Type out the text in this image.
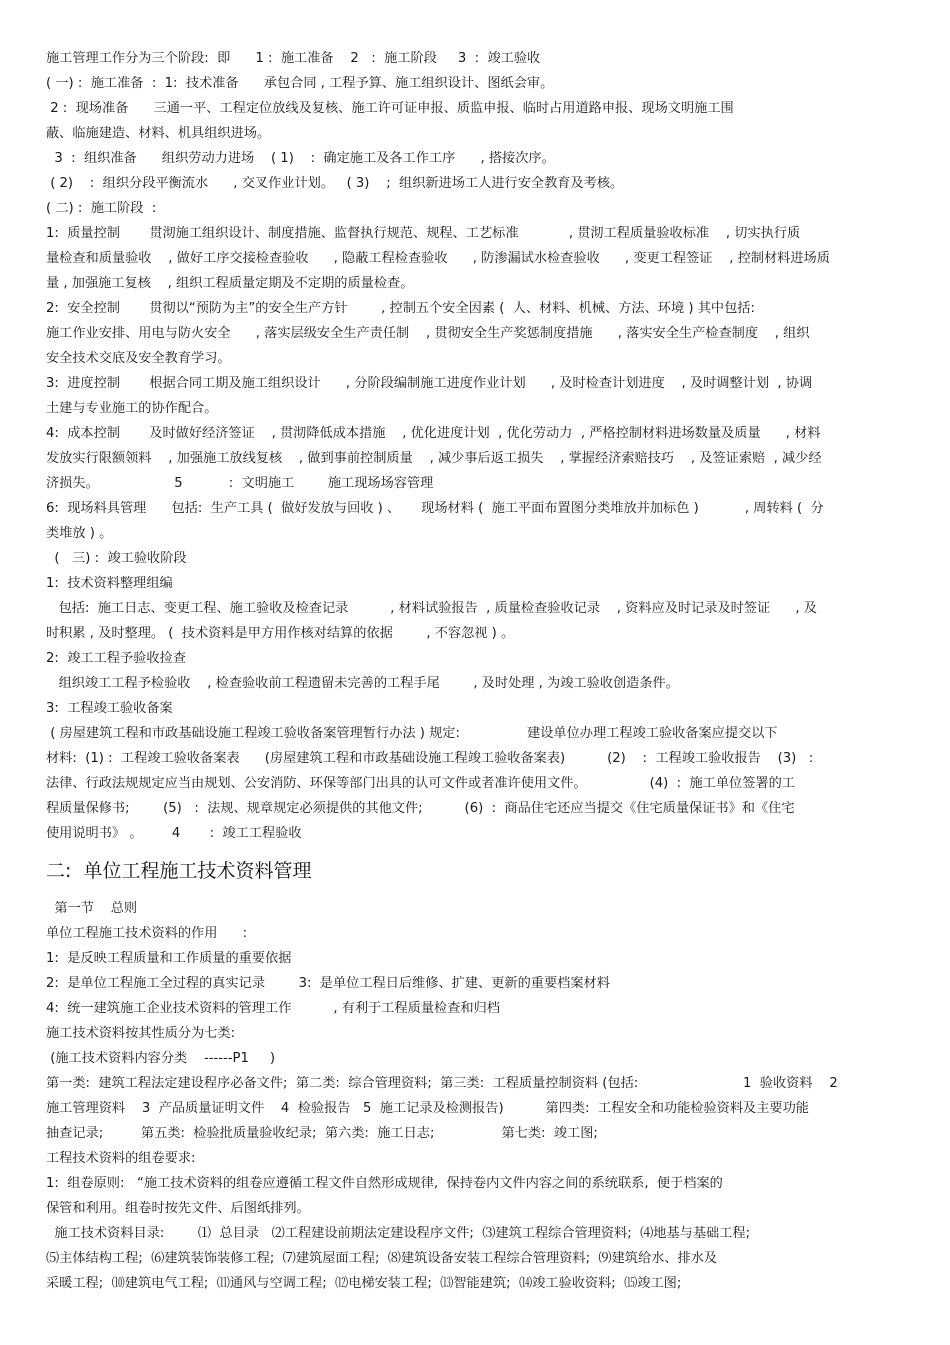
施工管理工作分为三个阶段:  即      1 :  施工准备    2   :  施工阶段     3  :  竣工验收
( 一) :  施工准备  :  1:  技术准备      承包合同 , 工程予算、施工组织设计、图纸会审。
2 :  现场准备      三通一平、工程定位放线及复核、施工许可证申报、质监申报、临时占用道路申报、现场文明施工围
蔽、临施建造、材料、机具组织进场。
3  :  组织准备      组织劳动力进场    ( 1)    :  确定施工及各工作工序      , 搭接次序。
( 2)    :  组织分段平衡流水      , 交叉作业计划。   ( 3)    ;  组织新进场工人进行安全教育及考核。
( 二) :  施工阶段  :
1:  质量控制       贯沏施工组织设计、制度措施、监督执行规范、规程、工艺标准            , 贯沏工程质量验收标准    , 切实执行质
量检查和质量验收    , 做好工序交接检查验收      , 隐蔽工程检查验收      , 防渗漏试水检查验收      , 变更工程签证    , 控制材料进场质
量 , 加强施工复核    , 组织工程质量定期及不定期的质量检查。
2:  安全控制       贯彻以“预防为主”的安全生产方针        , 控制五个安全因素 (  人、材料、机械、方法、环境 ) 其中包括:
施工作业安排、用电与防火安全      , 落实层级安全生产责任制    , 贯彻安全生产奖惩制度措施      , 落实安全生产检查制度    , 组织
安全技术交底及安全教育学习。
3:  进度控制       根据合同工期及施工组织设计      , 分阶段编制施工进度作业计划      , 及时检查计划进度    , 及时调整计划  , 协调
土建与专业施工的协作配合。
4:  成本控制       及时做好经济签证    , 贯沏降低成本措施    , 优化进度计划  , 优化劳动力  , 严格控制材料进场数量及质量      , 材料
发放实行限额领料    , 加强施工放线复核    , 做到事前控制质量    , 减少事后返工损失    , 掌握经济索赔技巧    , 及签证索赔  , 减少经
济损失。                  5           :  文明施工        施工现场场容管理
6:  现场料具管理      包括:  生产工具 (  做好发放与回收 ) 、     现场材料 (  施工平面布置图分类堆放并加标色 )           , 周转料 (  分
类堆放 ) 。
(   三) :  竣工验收阶段
1:  技术资料整理组编
包括:  施工日志、变更工程、施工验收及检查记录          , 材料试验报告  , 质量检查验收记录    , 资料应及时记录及时签证      , 及
时积累 , 及时整理。 (  技术资料是甲方用作核对结算的依据        , 不容忽视 ) 。
2:  竣工工程予验收捡查
组织竣工工程予检验收    , 检查验收前工程遗留未完善的工程手尾        , 及时处理 , 为竣工验收创造条件。
3:  工程竣工验收备案
( 房屋建筑工程和市政基础设施工程竣工验收备案管理暂行办法 ) 规定:                建设单位办理工程竣工验收备案应提交以下
材料:  (1) :  工程竣工验收备案表      (房屋建筑工程和市政基础设施工程竣工验收备案表)          (2)    :  工程竣工验收报告    (3)   :
法律、行政法规规定应当由规划、公安消防、环保等部门出具的认可文件或者准许使用文件。               (4)  :  施工单位签署的工
程质量保修书;        (5)   :  法规、规章规定必须提供的其他文件;          (6)  :  商品住宅还应当提交《住宅质量保证书》和《住宅
使用说明书》 。       4       :  竣工工程验收
二:  单位工程施工技术资料管理
第一节    总则
单位工程施工技术资料的作用      :
1:  是反映工程质量和工作质量的重要依据
2:  是单位工程施工全过程的真实记录        3:  是单位工程日后维修、扩建、更新的重要档案材料
4:  统一建筑施工企业技术资料的管理工作          , 有利于工程质量检查和归档
施工技术资料按其性质分为七类:
(施工技术资料内容分类    ------P1     )
第一类:  建筑工程法定建设程序必备文件;  第二类:  综合管理资料;  第三类:  工程质量控制资料 (包括:                         1  验收资料    2
施工管理资料    3  产品质量证明文件    4  检验报告   5  施工记录及检测报告)          第四类:  工程安全和功能检验资料及主要功能
抽查记录;         第五类:  检验批质量验收纪录;  第六类:  施工日志;                第七类:  竣工图;
工程技术资料的组卷要求:
1:  组卷原则:   “施工技术资料的组卷应遵循工程文件自然形成规律,  保持卷内文件内容之间的系统联系,  便于档案的
保管和利用。组卷时按先文件、后图纸排列。
施工技术资料目录:        ⑴  总目录   ⑵工程建设前期法定建设程序文件;  ⑶建筑工程综合管理资料;  ⑷地基与基础工程;
⑸主体结构工程;  ⑹建筑装饰装修工程;  ⑺建筑屋面工程;  ⑻建筑设备安装工程综合管理资料;  ⑼建筑给水、排水及
采暖工程;  ⑽建筑电气工程;  ⑾通风与空调工程;  ⑿电梯安装工程;  ⒀智能建筑;  ⒁竣工验收资料;  ⒂竣工图;
